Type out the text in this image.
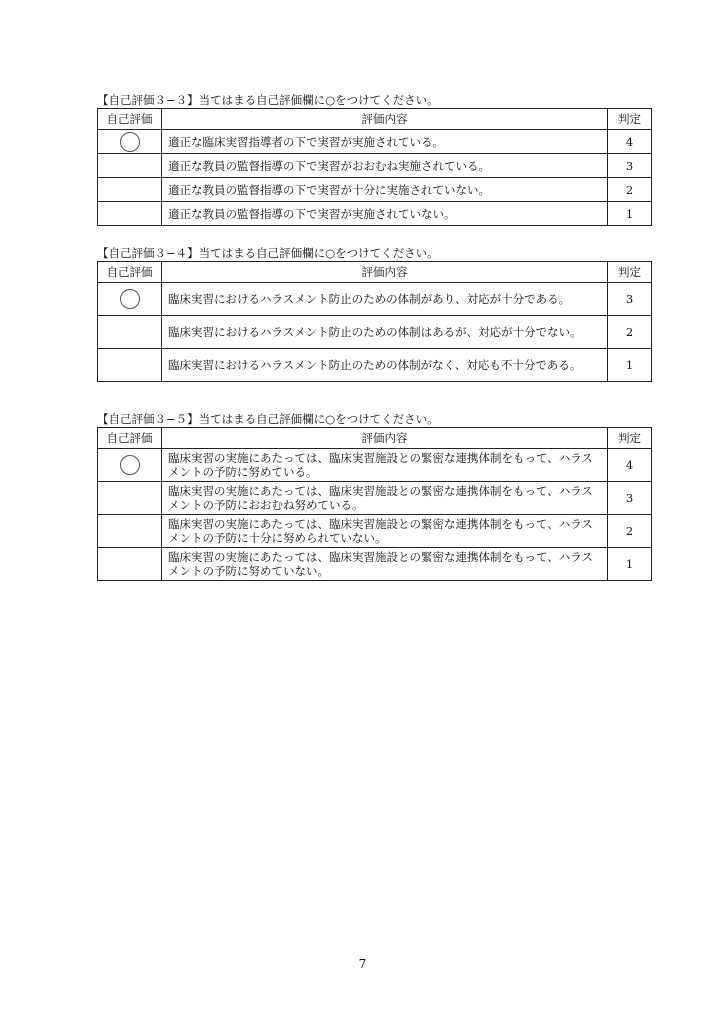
【自己評価３−３】当てはまる自己評価欄に○をつけてください。
自己評価	評価内容	判定
	適正な臨床実習指導者の下で実習が実施されている。	4
	適正な教員の監督指導の下で実習がおおむね実施されている。	3
	適正な教員の監督指導の下で実習が十分に実施されていない。	2
	適正な教員の監督指導の下で実習が実施されていない。	1
【自己評価３−４】当てはまる自己評価欄に○をつけてください。
自己評価	評価内容	判定
	臨床実習におけるハラスメント防止のための体制があり、対応が十分である。	3
	臨床実習におけるハラスメント防止のための体制はあるが、対応が十分でない。	2
	臨床実習におけるハラスメント防止のための体制がなく、対応も不十分である。	1
【自己評価３−５】当てはまる自己評価欄に○をつけてください。
自己評価	評価内容	判定
	臨床実習の実施にあたっては、臨床実習施設との緊密な連携体制をもって、ハラスメントの予防に努めている。	4
	臨床実習の実施にあたっては、臨床実習施設との緊密な連携体制をもって、ハラスメントの予防におおむね努めている。	3
	臨床実習の実施にあたっては、臨床実習施設との緊密な連携体制をもって、ハラスメントの予防に十分に努められていない。	2
	臨床実習の実施にあたっては、臨床実習施設との緊密な連携体制をもって、ハラスメントの予防に努めていない。	1
7
